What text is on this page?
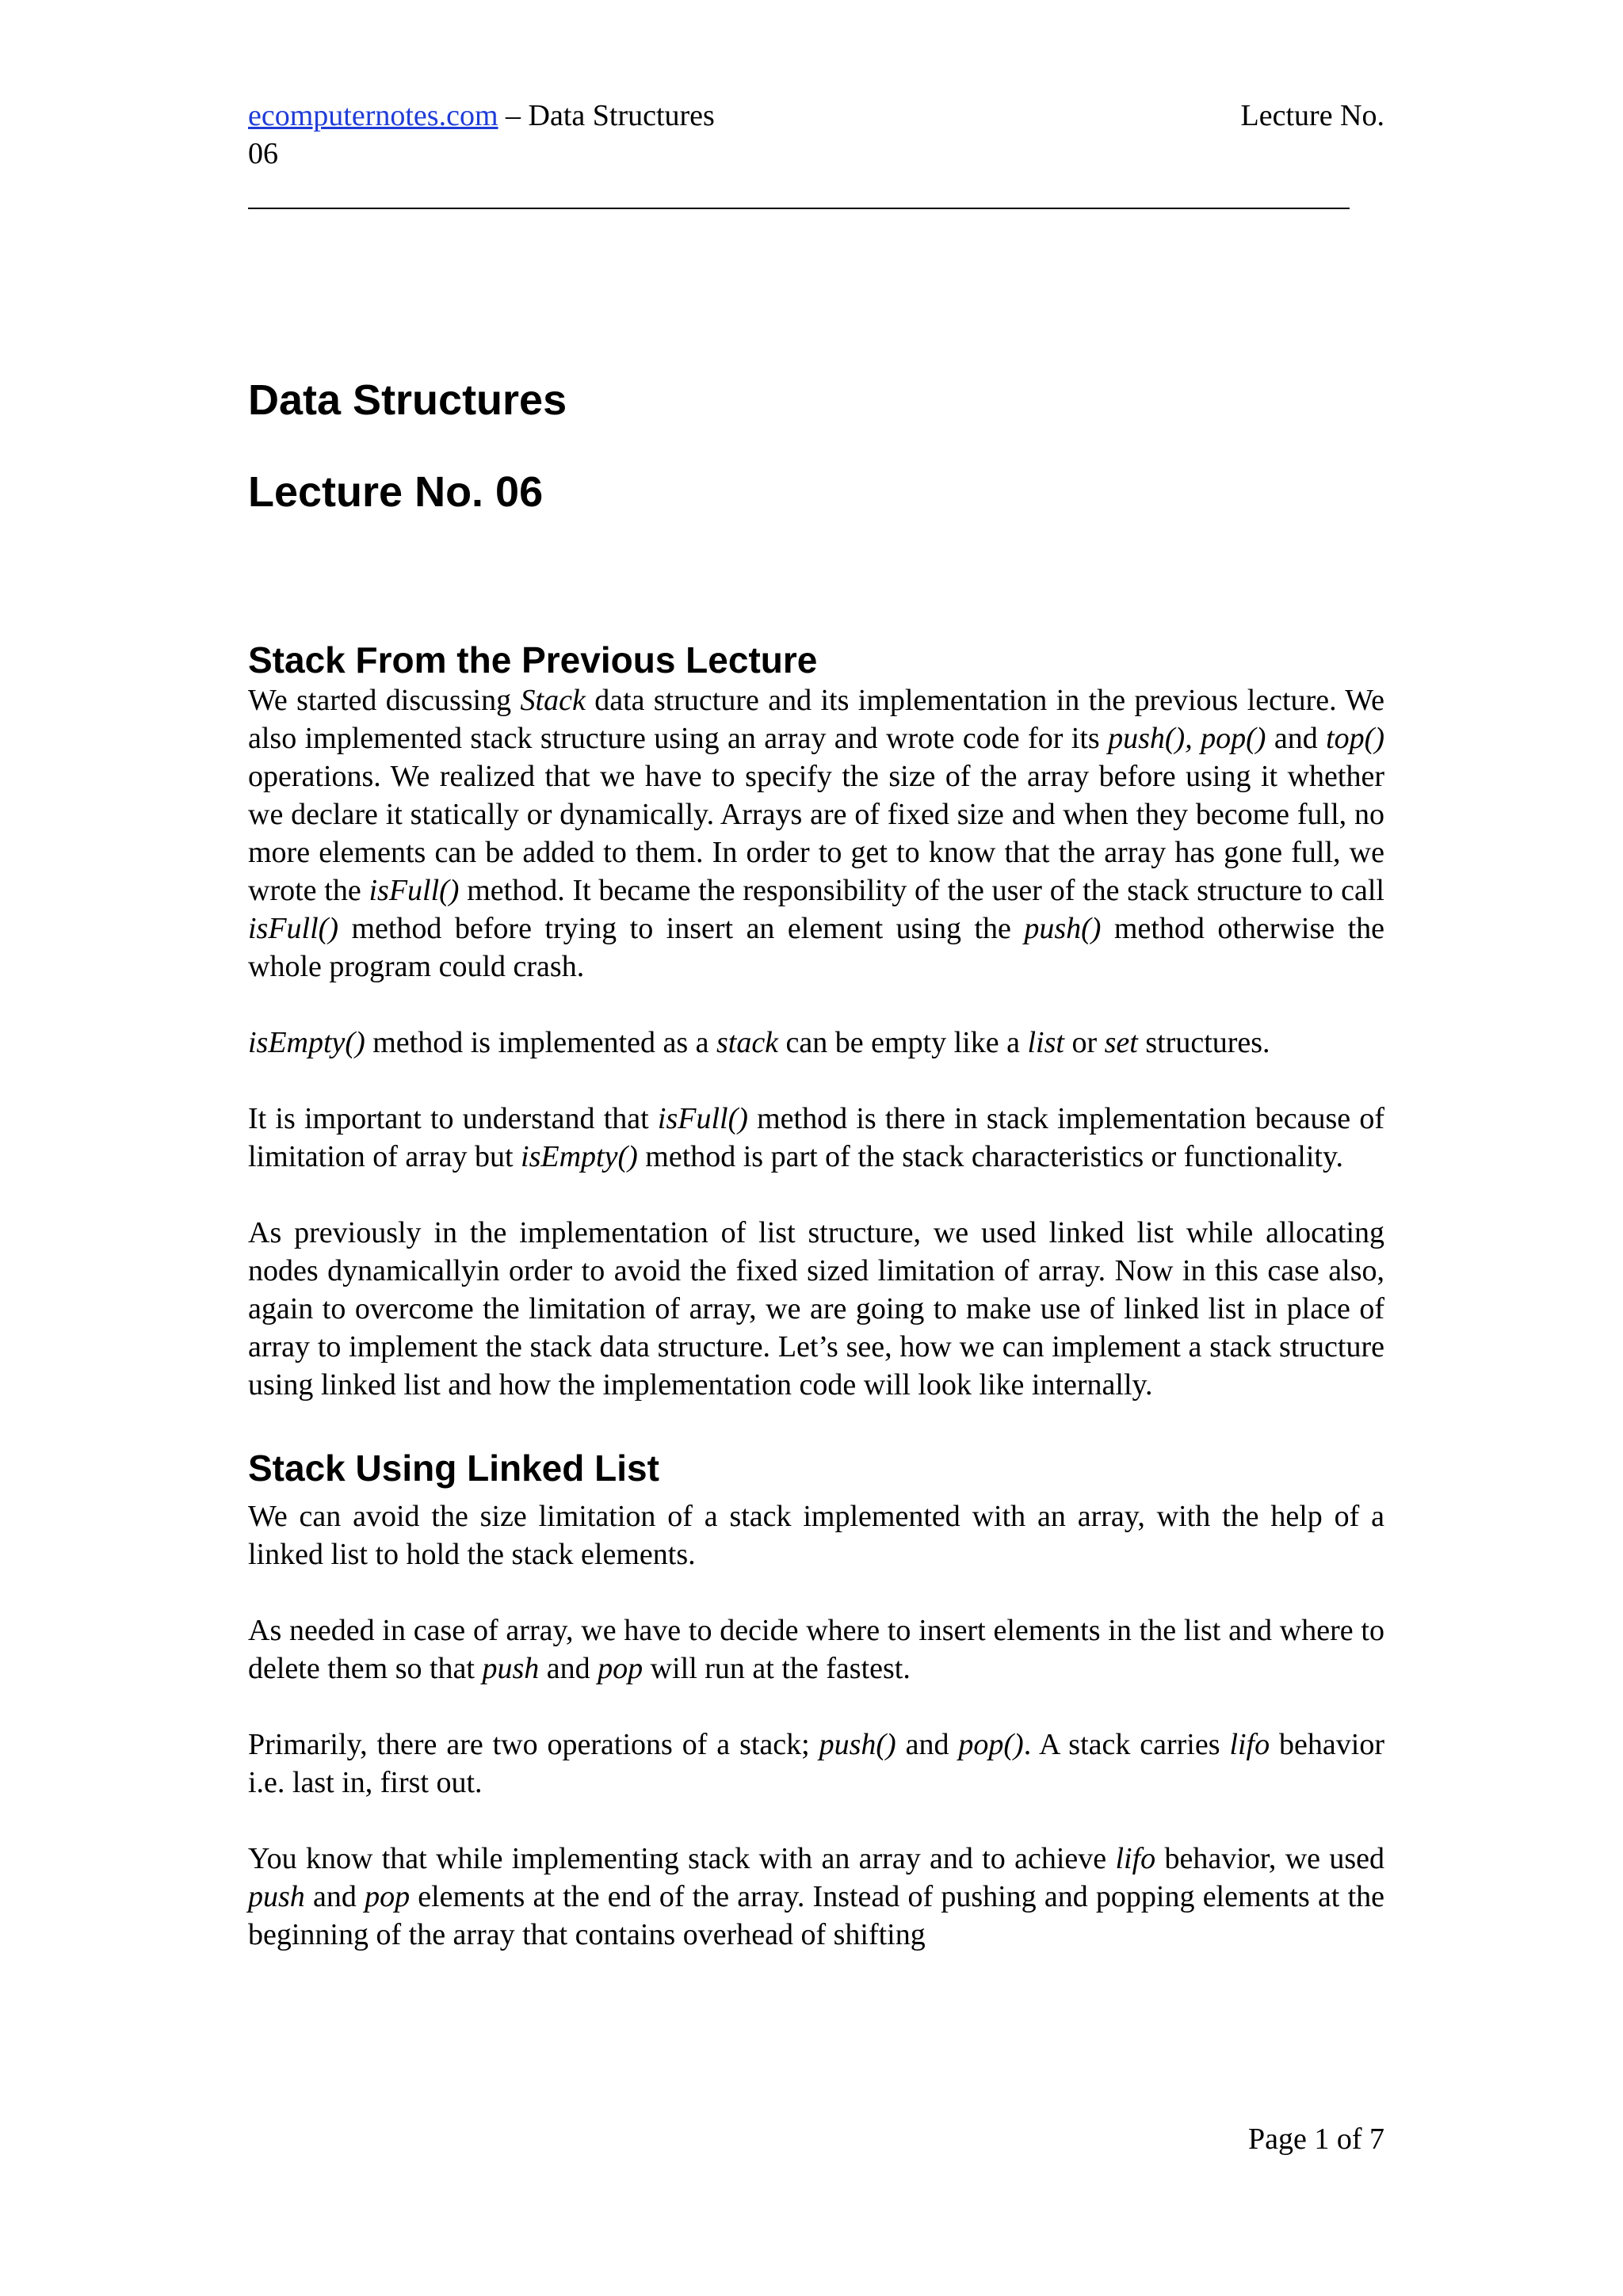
ecomputernotes.com – Data Structures	Lecture No.
06
Data Structures
Lecture No. 06
Stack From the Previous Lecture

We started discussing Stack data structure and its implementation in the previous lecture. We also implemented stack structure using an array and wrote code for its push(), pop() and top() operations. We realized that we have to specify the size of the array before using it whether we declare it statically or dynamically. Arrays are of fixed size and when they become full, no more elements can be added to them. In order to get to know that the array has gone full, we wrote the isFull() method. It became the responsibility of the user of the stack structure to call isFull() method before trying to insert an element using the push() method otherwise the whole program could crash.

isEmpty() method is implemented as a stack can be empty like a list or set structures.

It is important to understand that isFull() method is there in stack implementation because of limitation of array but isEmpty() method is part of the stack characteristics or functionality.

As previously in the implementation of list structure, we used linked list while allocating nodes dynamicallyin order to avoid the fixed sized limitation of array. Now in this case also, again to overcome the limitation of array, we are going to make use of linked list in place of array to implement the stack data structure. Let’s see, how we can implement a stack structure using linked list and how the implementation code will look like internally.

Stack Using Linked List

We can avoid the size limitation of a stack implemented with an array, with the help of a linked list to hold the stack elements.

As needed in case of array, we have to decide where to insert elements in the list and where to delete them so that push and pop will run at the fastest.

Primarily, there are two operations of a stack; push() and pop(). A stack carries lifo behavior i.e. last in, first out.

You know that while implementing stack with an array and to achieve lifo behavior, we used push and pop elements at the end of the array. Instead of pushing and popping elements at the beginning of the array that contains overhead of shifting

Page 1 of 7
